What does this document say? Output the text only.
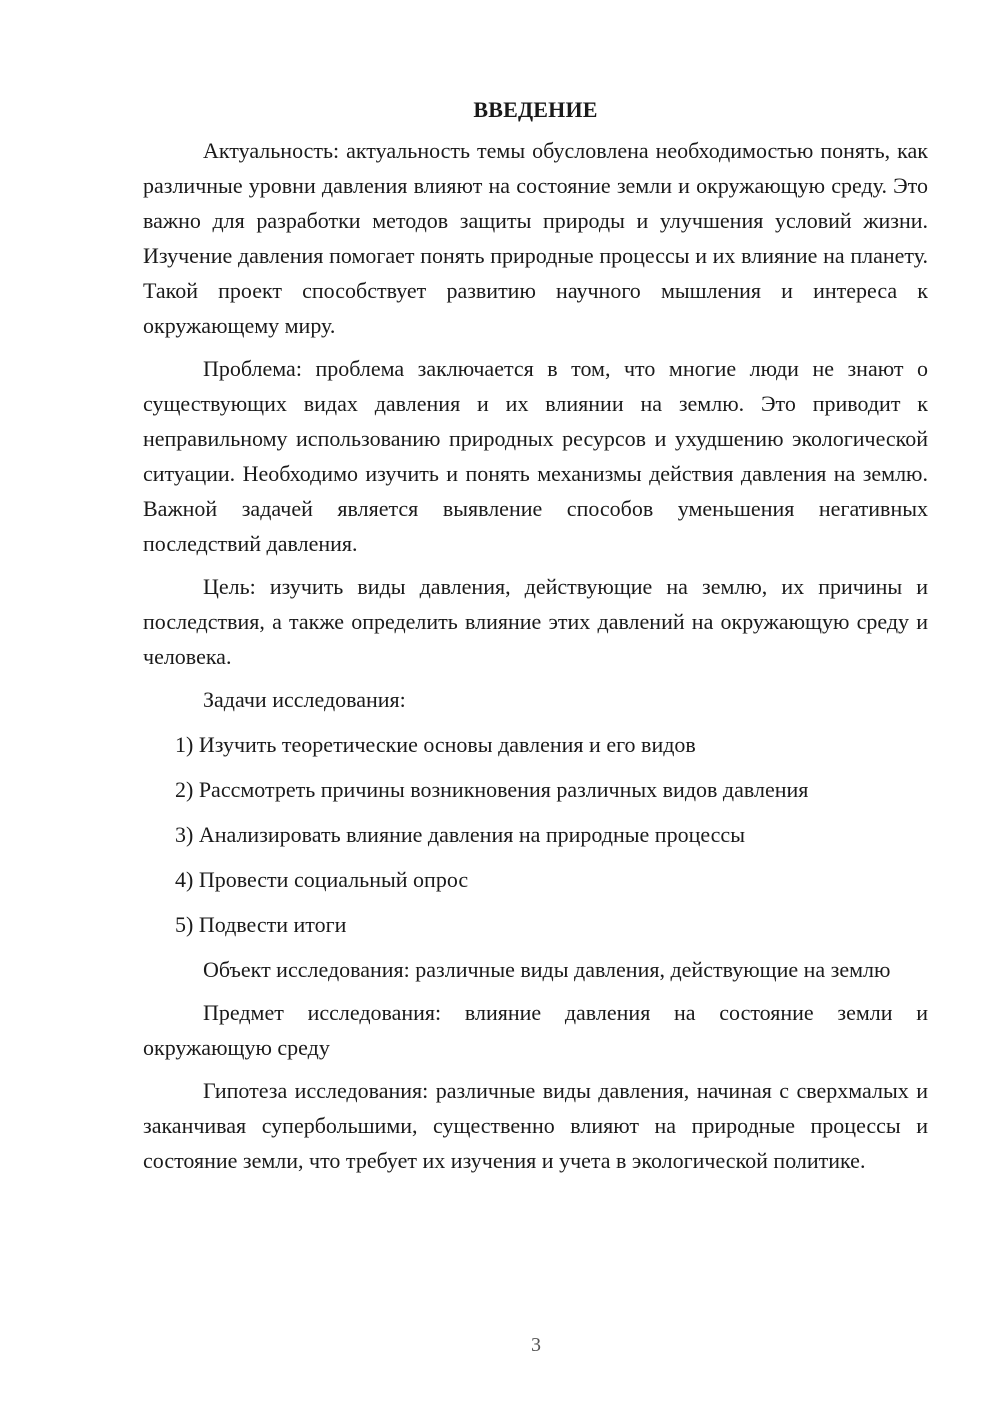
ВВЕДЕНИЕ

Актуальность: актуальность темы обусловлена необходимостью понять, как различные уровни давления влияют на состояние земли и окружающую среду. Это важно для разработки методов защиты природы и улучшения условий жизни. Изучение давления помогает понять природные процессы и их влияние на планету. Такой проект способствует развитию научного мышления и интереса к окружающему миру.

Проблема: проблема заключается в том, что многие люди не знают о существующих видах давления и их влиянии на землю. Это приводит к неправильному использованию природных ресурсов и ухудшению экологической ситуации. Необходимо изучить и понять механизмы действия давления на землю. Важной задачей является выявление способов уменьшения негативных последствий давления.

Цель: изучить виды давления, действующие на землю, их причины и последствия, а также определить влияние этих давлений на окружающую среду и человека.

Задачи исследования:

1) Изучить теоретические основы давления и его видов
2) Рассмотреть причины возникновения различных видов давления
3) Анализировать влияние давления на природные процессы
4) Провести социальный опрос
5) Подвести итоги

Объект исследования: различные виды давления, действующие на землю

Предмет исследования: влияние давления на состояние земли и окружающую среду

Гипотеза исследования: различные виды давления, начиная с сверхмалых и заканчивая супербольшими, существенно влияют на природные процессы и состояние земли, что требует их изучения и учета в экологической политике.

3
